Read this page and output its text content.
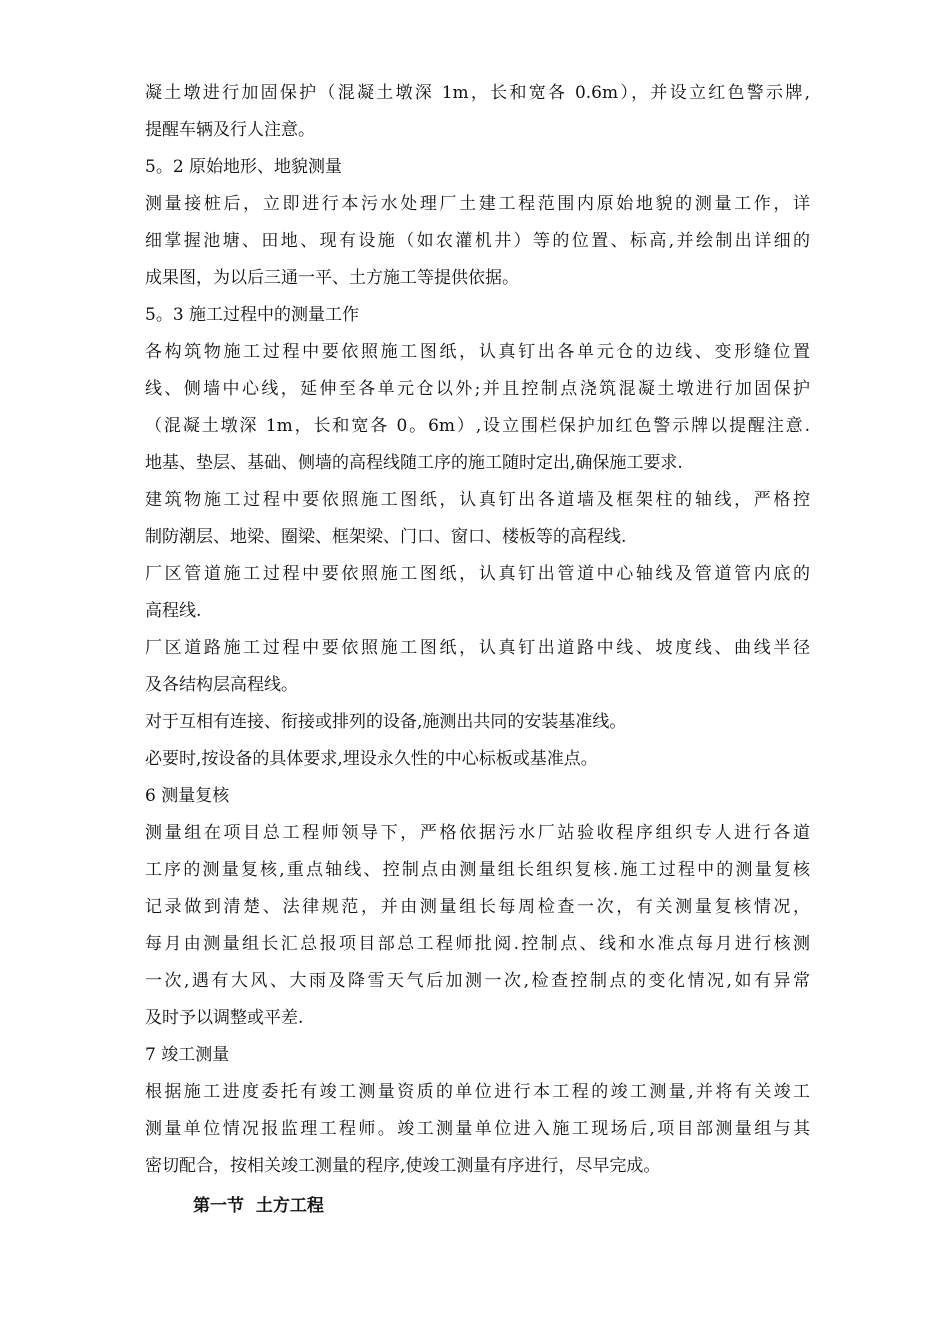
凝土墩进行加固保护（混凝土墩深 1m，长和宽各 0.6m），并设立红色警示牌,
提醒车辆及行人注意。
5。2 原始地形、地貌测量
测量接桩后，立即进行本污水处理厂土建工程范围内原始地貌的测量工作，详
细掌握池塘、田地、现有设施（如农灌机井）等的位置、标高,并绘制出详细的
成果图，为以后三通一平、土方施工等提供依据。
5。3 施工过程中的测量工作
各构筑物施工过程中要依照施工图纸，认真钉出各单元仓的边线、变形缝位置
线、侧墙中心线，延伸至各单元仓以外;并且控制点浇筑混凝土墩进行加固保护
（混凝土墩深 1m，长和宽各 0。6m）,设立围栏保护加红色警示牌以提醒注意.
地基、垫层、基础、侧墙的高程线随工序的施工随时定出,确保施工要求.
建筑物施工过程中要依照施工图纸，认真钉出各道墙及框架柱的轴线，严格控
制防潮层、地梁、圈梁、框架梁、门口、窗口、楼板等的高程线.
厂区管道施工过程中要依照施工图纸，认真钉出管道中心轴线及管道管内底的
高程线.
厂区道路施工过程中要依照施工图纸，认真钉出道路中线、坡度线、曲线半径
及各结构层高程线。
对于互相有连接、衔接或排列的设备,施测出共同的安装基准线。
必要时,按设备的具体要求,埋设永久性的中心标板或基准点。
6 测量复核
测量组在项目总工程师领导下，严格依据污水厂站验收程序组织专人进行各道
工序的测量复核,重点轴线、控制点由测量组长组织复核.施工过程中的测量复核
记录做到清楚、法律规范，并由测量组长每周检查一次，有关测量复核情况，
每月由测量组长汇总报项目部总工程师批阅.控制点、线和水准点每月进行核测
一次,遇有大风、大雨及降雪天气后加测一次,检查控制点的变化情况,如有异常
及时予以调整或平差.
7 竣工测量
根据施工进度委托有竣工测量资质的单位进行本工程的竣工测量,并将有关竣工
测量单位情况报监理工程师。竣工测量单位进入施工现场后,项目部测量组与其
密切配合，按相关竣工测量的程序,使竣工测量有序进行，尽早完成。
第一节  土方工程
